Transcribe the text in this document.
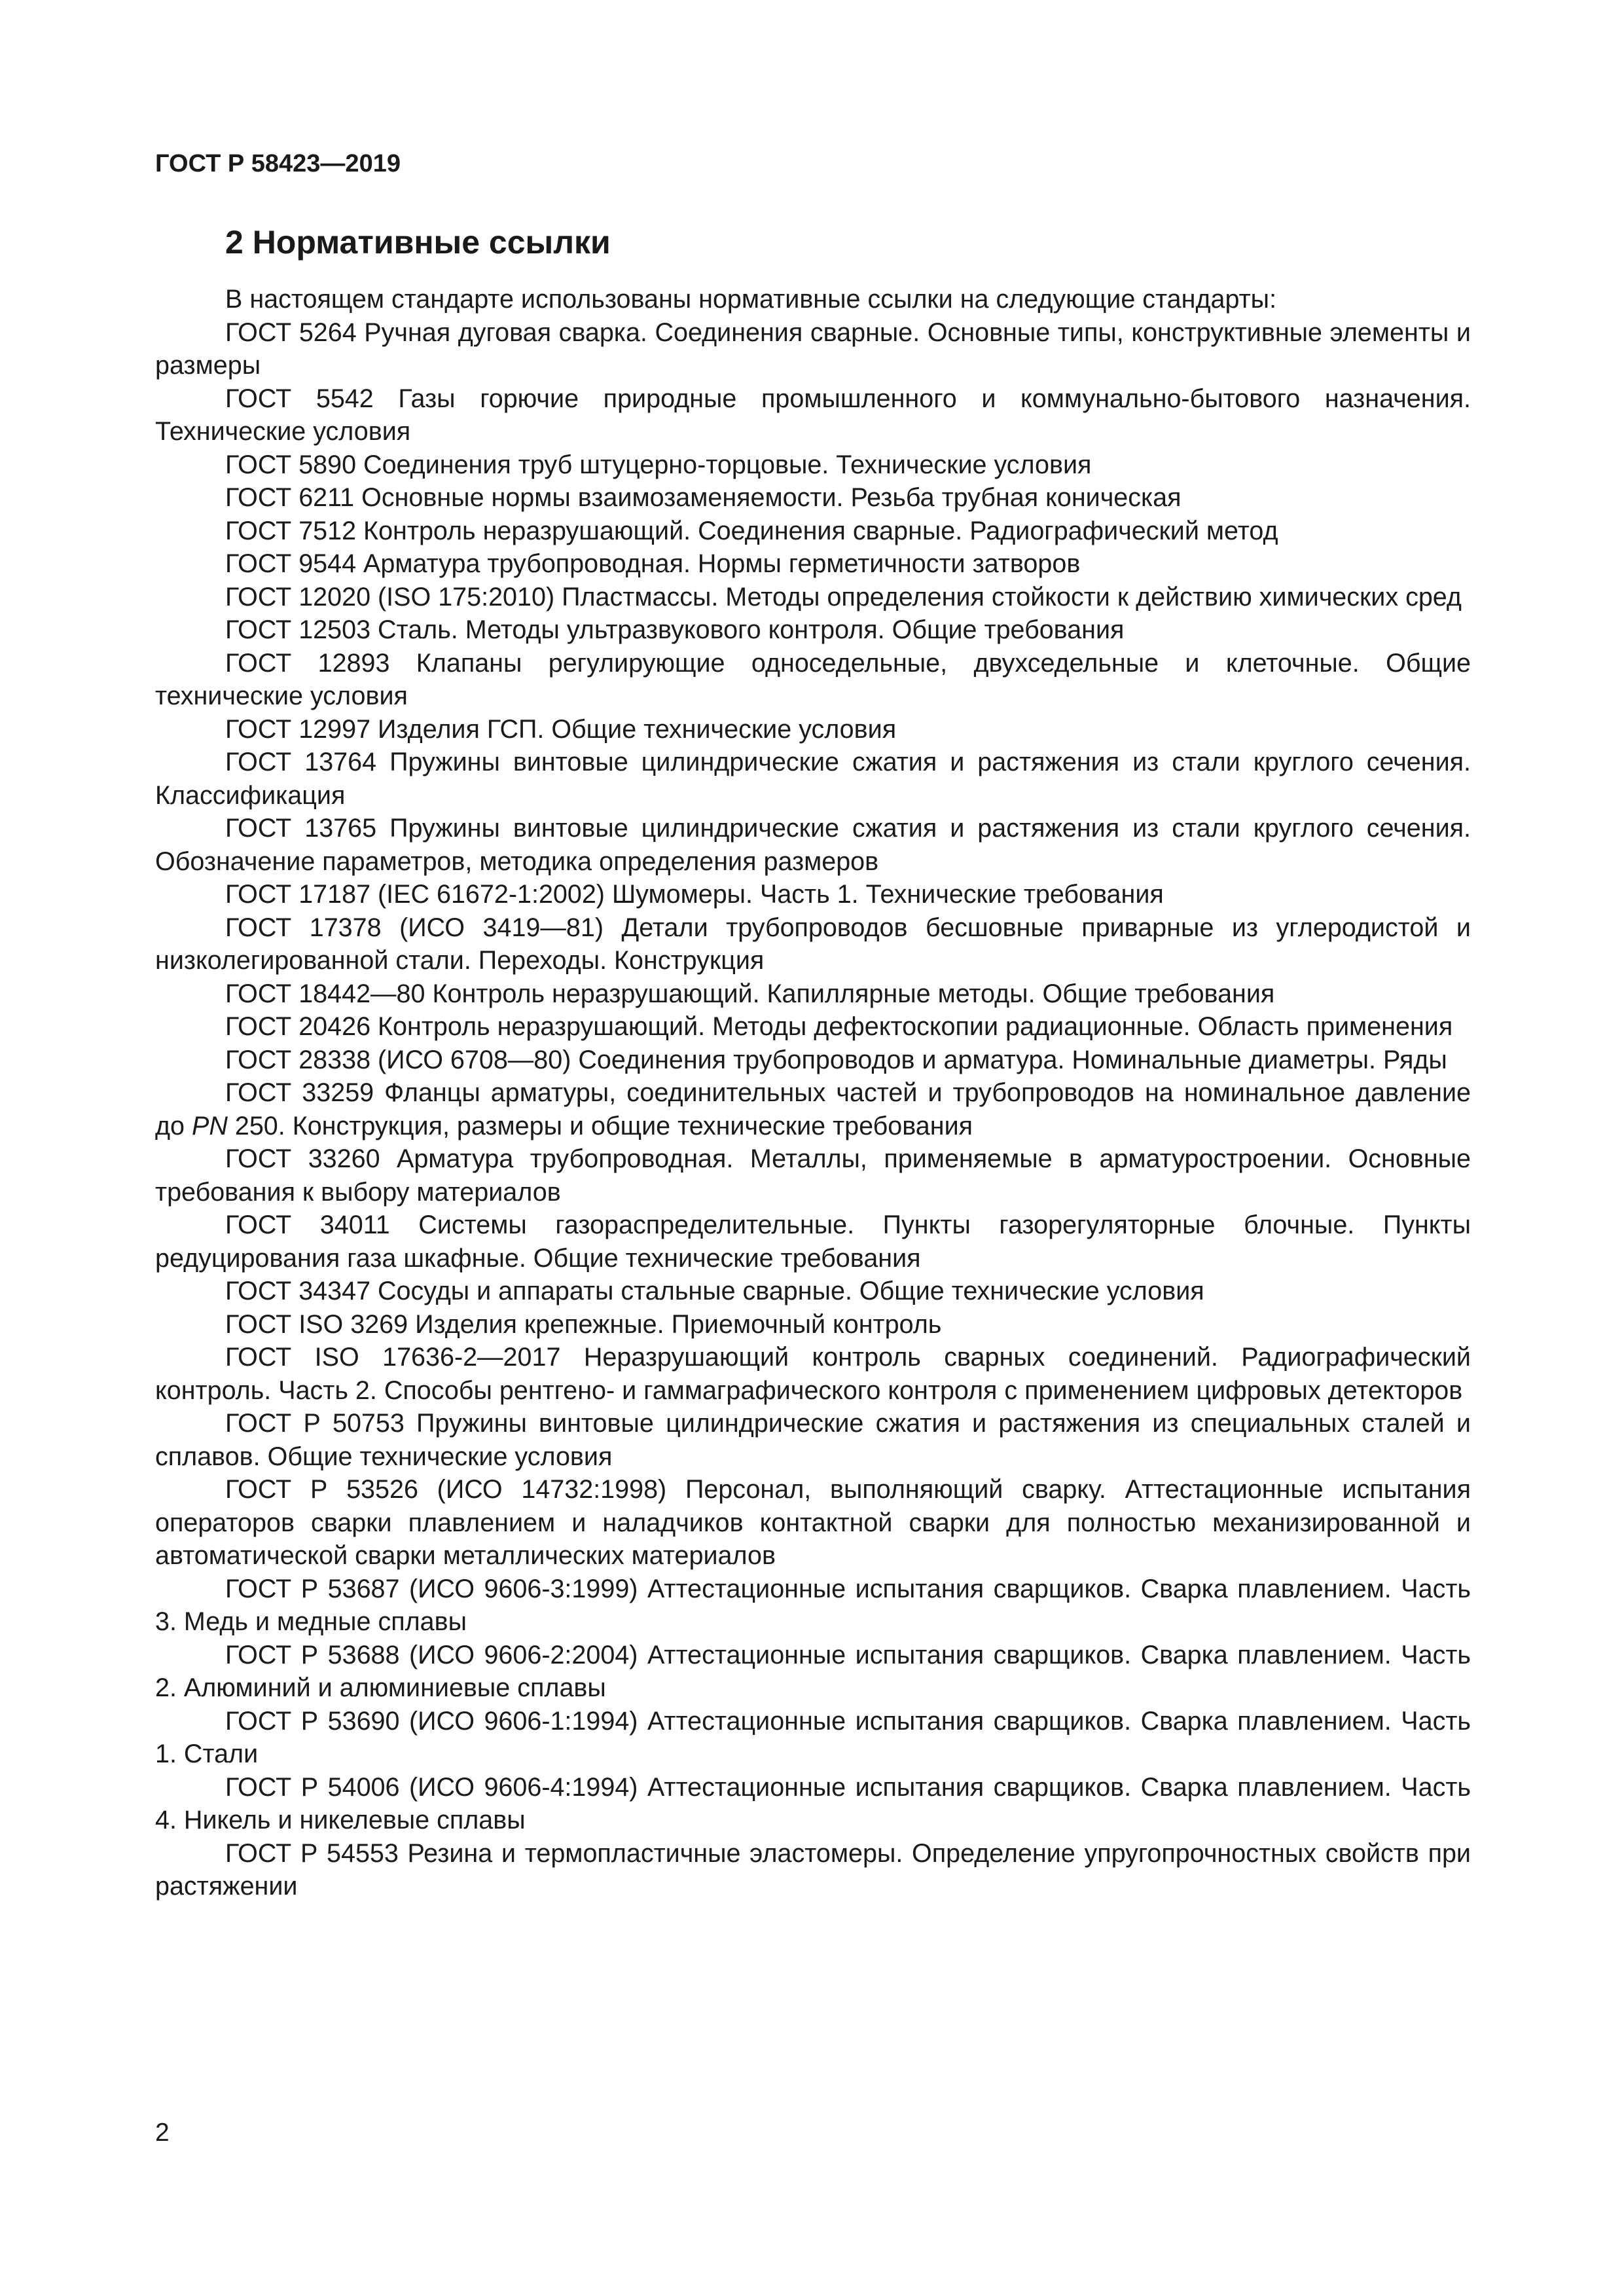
ГОСТ Р 58423—2019
2 Нормативные ссылки

В настоящем стандарте использованы нормативные ссылки на следующие стандарты:

ГОСТ 5264 Ручная дуговая сварка. Соединения сварные. Основные типы, конструктивные элементы и размеры

ГОСТ 5542 Газы горючие природные промышленного и коммунально-бытового назначения. Технические условия

ГОСТ 5890 Соединения труб штуцерно-торцовые. Технические условия

ГОСТ 6211 Основные нормы взаимозаменяемости. Резьба трубная коническая

ГОСТ 7512 Контроль неразрушающий. Соединения сварные. Радиографический метод

ГОСТ 9544 Арматура трубопроводная. Нормы герметичности затворов

ГОСТ 12020 (ISO 175:2010) Пластмассы. Методы определения стойкости к действию химических сред

ГОСТ 12503 Сталь. Методы ультразвукового контроля. Общие требования

ГОСТ 12893 Клапаны регулирующие односедельные, двухседельные и клеточные. Общие технические условия

ГОСТ 12997 Изделия ГСП. Общие технические условия

ГОСТ 13764 Пружины винтовые цилиндрические сжатия и растяжения из стали круглого сечения. Классификация

ГОСТ 13765 Пружины винтовые цилиндрические сжатия и растяжения из стали круглого сечения. Обозначение параметров, методика определения размеров

ГОСТ 17187 (IEC 61672-1:2002) Шумомеры. Часть 1. Технические требования

ГОСТ 17378 (ИСО 3419—81) Детали трубопроводов бесшовные приварные из углеродистой и низколегированной стали. Переходы. Конструкция

ГОСТ 18442—80 Контроль неразрушающий. Капиллярные методы. Общие требования

ГОСТ 20426 Контроль неразрушающий. Методы дефектоскопии радиационные. Область применения

ГОСТ 28338 (ИСО 6708—80) Соединения трубопроводов и арматура. Номинальные диаметры. Ряды

ГОСТ 33259 Фланцы арматуры, соединительных частей и трубопроводов на номинальное давление до PN 250. Конструкция, размеры и общие технические требования

ГОСТ 33260 Арматура трубопроводная. Металлы, применяемые в арматуростроении. Основные требования к выбору материалов

ГОСТ 34011 Системы газораспределительные. Пункты газорегуляторные блочные. Пункты редуцирования газа шкафные. Общие технические требования

ГОСТ 34347 Сосуды и аппараты стальные сварные. Общие технические условия

ГОСТ ISO 3269 Изделия крепежные. Приемочный контроль

ГОСТ ISO 17636-2—2017 Неразрушающий контроль сварных соединений. Радиографический контроль. Часть 2. Способы рентгено- и гаммаграфического контроля с применением цифровых детекторов

ГОСТ Р 50753 Пружины винтовые цилиндрические сжатия и растяжения из специальных сталей и сплавов. Общие технические условия

ГОСТ Р 53526 (ИСО 14732:1998) Персонал, выполняющий сварку. Аттестационные испытания операторов сварки плавлением и наладчиков контактной сварки для полностью механизированной и автоматической сварки металлических материалов

ГОСТ Р 53687 (ИСО 9606-3:1999) Аттестационные испытания сварщиков. Сварка плавлением. Часть 3. Медь и медные сплавы

ГОСТ Р 53688 (ИСО 9606-2:2004) Аттестационные испытания сварщиков. Сварка плавлением. Часть 2. Алюминий и алюминиевые сплавы

ГОСТ Р 53690 (ИСО 9606-1:1994) Аттестационные испытания сварщиков. Сварка плавлением. Часть 1. Стали

ГОСТ Р 54006 (ИСО 9606-4:1994) Аттестационные испытания сварщиков. Сварка плавлением. Часть 4. Никель и никелевые сплавы

ГОСТ Р 54553 Резина и термопластичные эластомеры. Определение упругопрочностных свойств при растяжении

2
